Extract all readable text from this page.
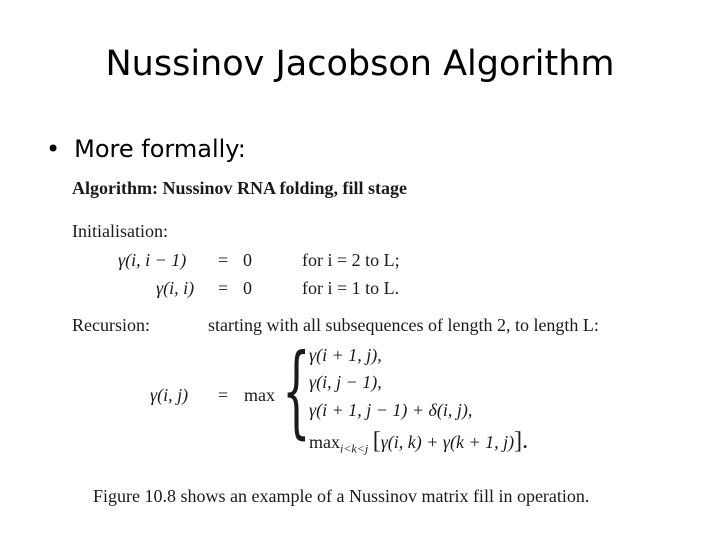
Nussinov Jacobson Algorithm
• More formally:
Algorithm: Nussinov RNA folding, fill stage
Initialisation:
γ(i, i − 1) = 0	for i = 2 to L;
γ(i, i) = 0	for i = 1 to L.
Recursion:	starting with all subsequences of length 2, to length L:
γ(i, j) = max {
γ(i + 1, j),
γ(i, j − 1),
γ(i + 1, j − 1) + δ(i, j),
$\max_{i<k<j} [\gamma(i$, k) + γ(k + 1, j)].
Figure 10.8 shows an example of a Nussinov matrix fill in operation.
